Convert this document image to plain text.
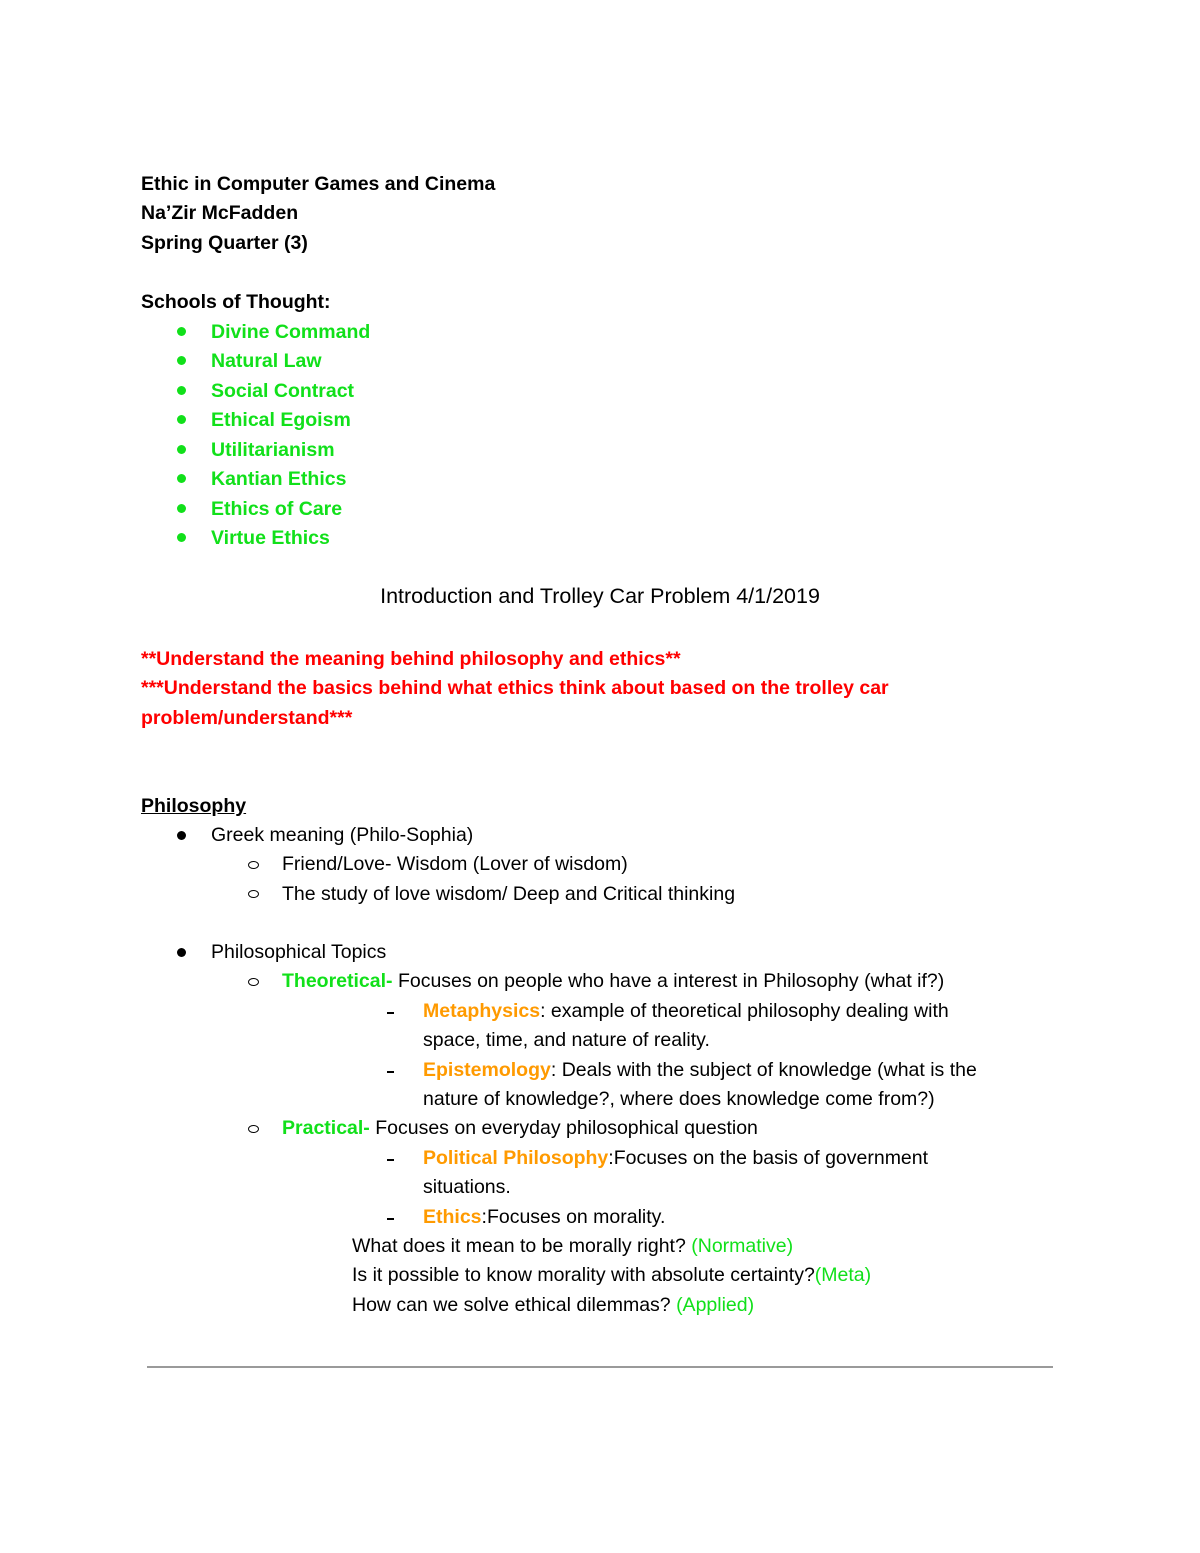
Ethic in Computer Games and Cinema
Na’Zir McFadden
Spring Quarter (3)
Schools of Thought:
Divine Command
Natural Law
Social Contract
Ethical Egoism
Utilitarianism
Kantian Ethics
Ethics of Care
Virtue Ethics
Introduction and Trolley Car Problem 4/1/2019
**Understand the meaning behind philosophy and ethics**
***Understand the basics behind what ethics think about based on the trolley car
problem/understand***
Philosophy
Greek meaning (Philo-Sophia)
Friend/Love- Wisdom (Lover of wisdom)
The study of love wisdom/ Deep and Critical thinking
Philosophical Topics
Theoretical- Focuses on people who have a interest in Philosophy (what if?)
Metaphysics: example of theoretical philosophy dealing with
space, time, and nature of reality.
Epistemology: Deals with the subject of knowledge (what is the
nature of knowledge?, where does knowledge come from?)
Practical- Focuses on everyday philosophical question
Political Philosophy:Focuses on the basis of government
situations.
Ethics:Focuses on morality.
What does it mean to be morally right? (Normative)
Is it possible to know morality with absolute certainty?(Meta)
How can we solve ethical dilemmas? (Applied)
